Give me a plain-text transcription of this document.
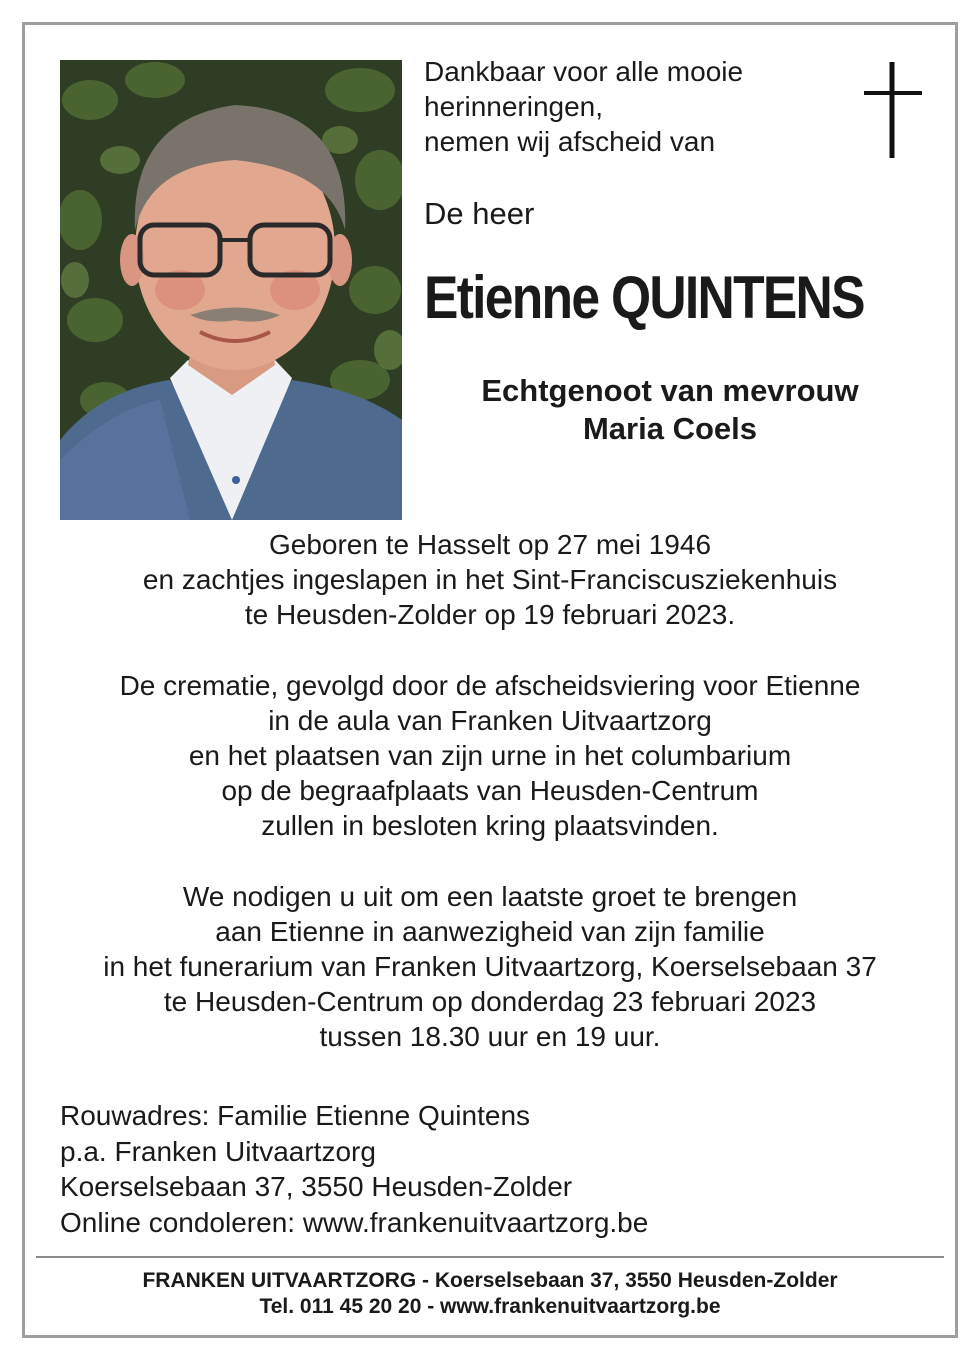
Dankbaar voor alle mooie
herinneringen,
nemen wij afscheid van
De heer
Etienne QUINTENS
Echtgenoot van mevrouw
Maria Coels
Geboren te Hasselt op 27 mei 1946
en zachtjes ingeslapen in het Sint-Franciscusziekenhuis
te Heusden-Zolder op 19 februari 2023.
De crematie, gevolgd door de afscheidsviering voor Etienne
in de aula van Franken Uitvaartzorg
en het plaatsen van zijn urne in het columbarium
op de begraafplaats van Heusden-Centrum
zullen in besloten kring plaatsvinden.
We nodigen u uit om een laatste groet te brengen
aan Etienne in aanwezigheid van zijn familie
in het funerarium van Franken Uitvaartzorg, Koerselsebaan 37
te Heusden-Centrum op donderdag 23 februari 2023
tussen 18.30 uur en 19 uur.
Rouwadres: Familie Etienne Quintens
p.a. Franken Uitvaartzorg
Koerselsebaan 37, 3550 Heusden-Zolder
Online condoleren: www.frankenuitvaartzorg.be
FRANKEN UITVAARTZORG - Koerselsebaan 37, 3550 Heusden-Zolder
Tel. 011 45 20 20 - www.frankenuitvaartzorg.be
